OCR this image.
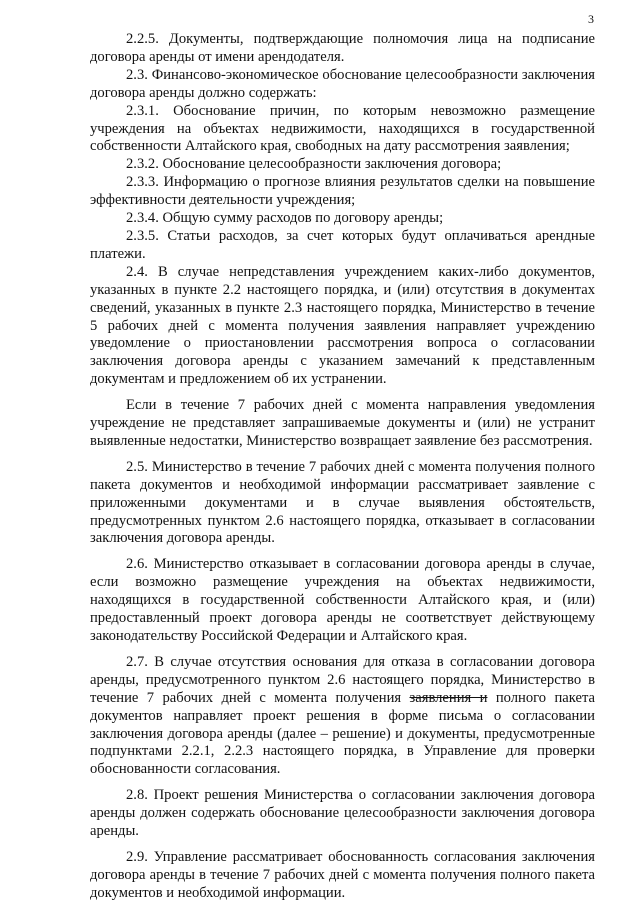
3

2.2.5. Документы, подтверждающие полномочия лица на подписание договора аренды от имени арендодателя.

2.3. Финансово-экономическое обоснование целесообразности заключения договора аренды должно содержать:

2.3.1. Обоснование причин, по которым невозможно размещение учреждения на объектах недвижимости, находящихся в государственной собственности Алтайского края, свободных на дату рассмотрения заявления;

2.3.2. Обоснование целесообразности заключения договора;

2.3.3. Информацию о прогнозе влияния результатов сделки на повышение эффективности деятельности учреждения;

2.3.4. Общую сумму расходов по договору аренды;

2.3.5. Статьи расходов, за счет которых будут оплачиваться арендные платежи.

2.4. В случае непредставления учреждением каких-либо документов, указанных в пункте 2.2 настоящего порядка, и (или) отсутствия в документах сведений, указанных в пункте 2.3 настоящего порядка, Министерство в течение 5 рабочих дней с момента получения заявления направляет учреждению уведомление о приостановлении рассмотрения вопроса о согласовании заключения договора аренды с указанием замечаний к представленным документам и предложением об их устранении.

Если в течение 7 рабочих дней с момента направления уведомления учреждение не представляет запрашиваемые документы и (или) не устранит выявленные недостатки, Министерство возвращает заявление без рассмотрения.

2.5. Министерство в течение 7 рабочих дней с момента получения полного пакета документов и необходимой информации рассматривает заявление с приложенными документами и в случае выявления обстоятельств, предусмотренных пунктом 2.6 настоящего порядка, отказывает в согласовании заключения договора аренды.

2.6. Министерство отказывает в согласовании договора аренды в случае, если возможно размещение учреждения на объектах недвижимости, находящихся в государственной собственности Алтайского края, и (или) предоставленный проект договора аренды не соответствует действующему законодательству Российской Федерации и Алтайского края.

2.7. В случае отсутствия основания для отказа в согласовании договора аренды, предусмотренного пунктом 2.6 настоящего порядка, Министерство в течение 7 рабочих дней с момента получения заявления и полного пакета документов направляет проект решения в форме письма о согласовании заключения договора аренды (далее – решение) и документы, предусмотренные подпунктами 2.2.1, 2.2.3 настоящего порядка, в Управление для проверки обоснованности согласования.

2.8. Проект решения Министерства о согласовании заключения договора аренды должен содержать обоснование целесообразности заключения договора аренды.

2.9. Управление рассматривает обоснованность согласования заключения договора аренды в течение 7 рабочих дней с момента получения полного пакета документов и необходимой информации.
